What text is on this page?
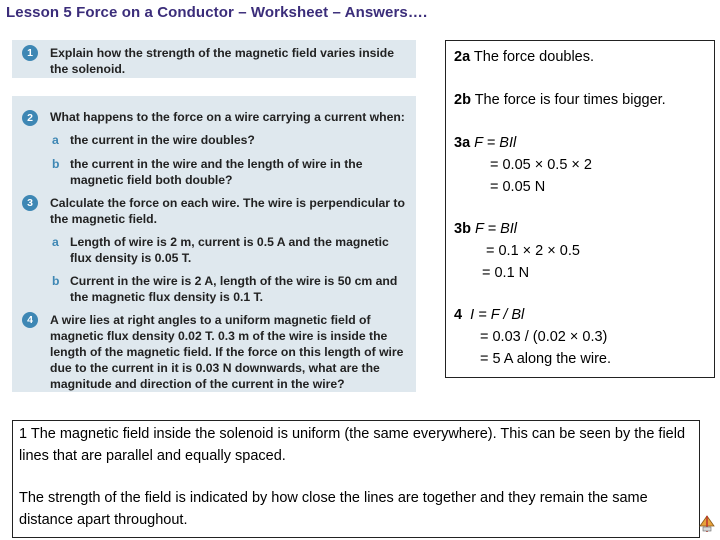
Lesson 5 Force on a Conductor – Worksheet – Answers….
1	Explain how the strength of the magnetic field varies inside
the solenoid.
2	What happens to the force on a wire carrying a current when:
a the current in the wire doubles?
b the current in the wire and the length of wire in the
magnetic field both double?
3	Calculate the force on each wire. The wire is perpendicular to
the magnetic field.
a Length of wire is 2 m, current is 0.5 A and the magnetic
flux density is 0.05 T.
b Current in the wire is 2 A, length of the wire is 50 cm and
the magnetic flux density is 0.1 T.
4	A wire lies at right angles to a uniform magnetic field of
magnetic flux density 0.02 T. 0.3 m of the wire is inside the
length of the magnetic field. If the force on this length of wire
due to the current in it is 0.03 N downwards, what are the
magnitude and direction of the current in the wire?
2a The force doubles.
2b The force is four times bigger.
3a F = BIl
= 0.05 × 0.5 × 2
= 0.05 N
3b F = BIl
= 0.1 × 2 × 0.5
= 0.1 N
4  I = F / Bl
= 0.03 / (0.02 × 0.3)
= 5 A along the wire.

1 The magnetic field inside the solenoid is uniform (the same everywhere). This can be seen by the field lines that are parallel and equally spaced.

The strength of the field is indicated by how close the lines are together and they remain the same distance apart throughout.
